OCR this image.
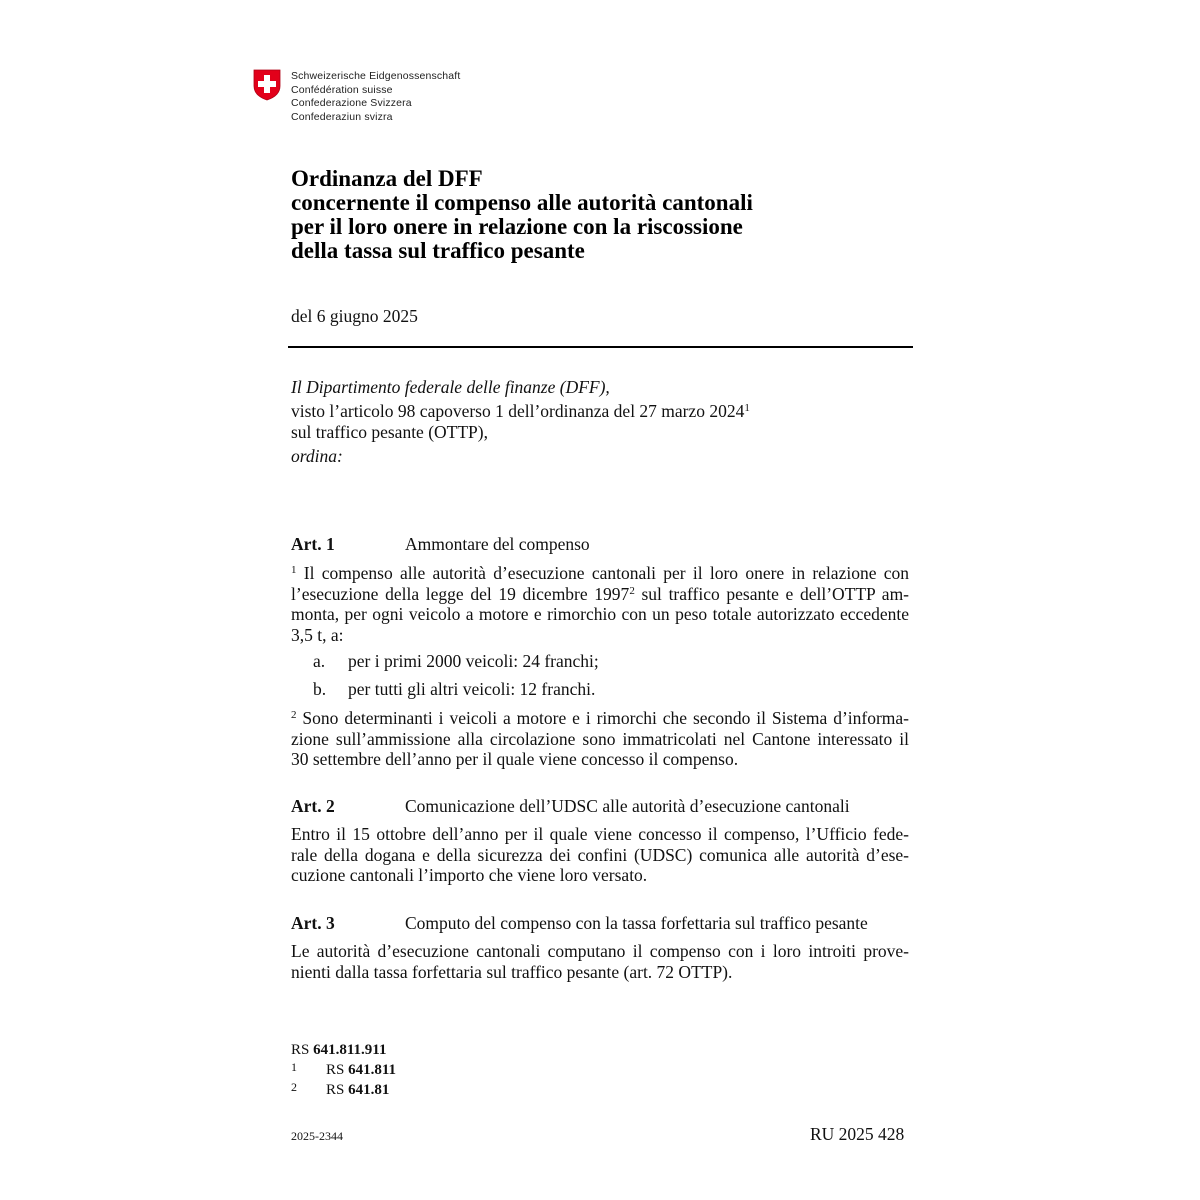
Schweizerische Eidgenossenschaft
Confédération suisse
Confederazione Svizzera
Confederaziun svizra
Ordinanza del DFF
concernente il compenso alle autorità cantonali
per il loro onere in relazione con la riscossione
della tassa sul traffico pesante
del 6 giugno 2025

Il Dipartimento federale delle finanze (DFF),

visto l’articolo 98 capoverso 1 dell’ordinanza del 27 marzo 2024$^1$

sul traffico pesante (OTTP),

ordina:

Art. 1	Ammontare del compenso
$^1$ Il compenso alle autorità d’esecuzione cantonali per il loro onere in relazione con
l’esecuzione della legge del 19 dicembre 1997$^2$ sul traffico pesante e dell’OTTP am-
monta, per ogni veicolo a motore e rimorchio con un peso totale autorizzato eccedente
3,5 t, a:
a. per i primi 2000 veicoli: 24 franchi;
b. per tutti gli altri veicoli: 12 franchi.
$^2$ Sono determinanti i veicoli a motore e i rimorchi che secondo il Sistema d’informa-
zione sull’ammissione alla circolazione sono immatricolati nel Cantone interessato il
30 settembre dell’anno per il quale viene concesso il compenso.
Art. 2	Comunicazione dell’UDSC alle autorità d’esecuzione cantonali
Entro il 15 ottobre dell’anno per il quale viene concesso il compenso, l’Ufficio fede-
rale della dogana e della sicurezza dei confini (UDSC) comunica alle autorità d’ese-
cuzione cantonali l’importo che viene loro versato.
Art. 3	Computo del compenso con la tassa forfettaria sul traffico pesante
Le autorità d’esecuzione cantonali computano il compenso con i loro introiti prove-
nienti dalla tassa forfettaria sul traffico pesante (art. 72 OTTP).
RS 641.811.911
1 RS 641.811
2 RS 641.81
2025-2344	RU 2025 428
